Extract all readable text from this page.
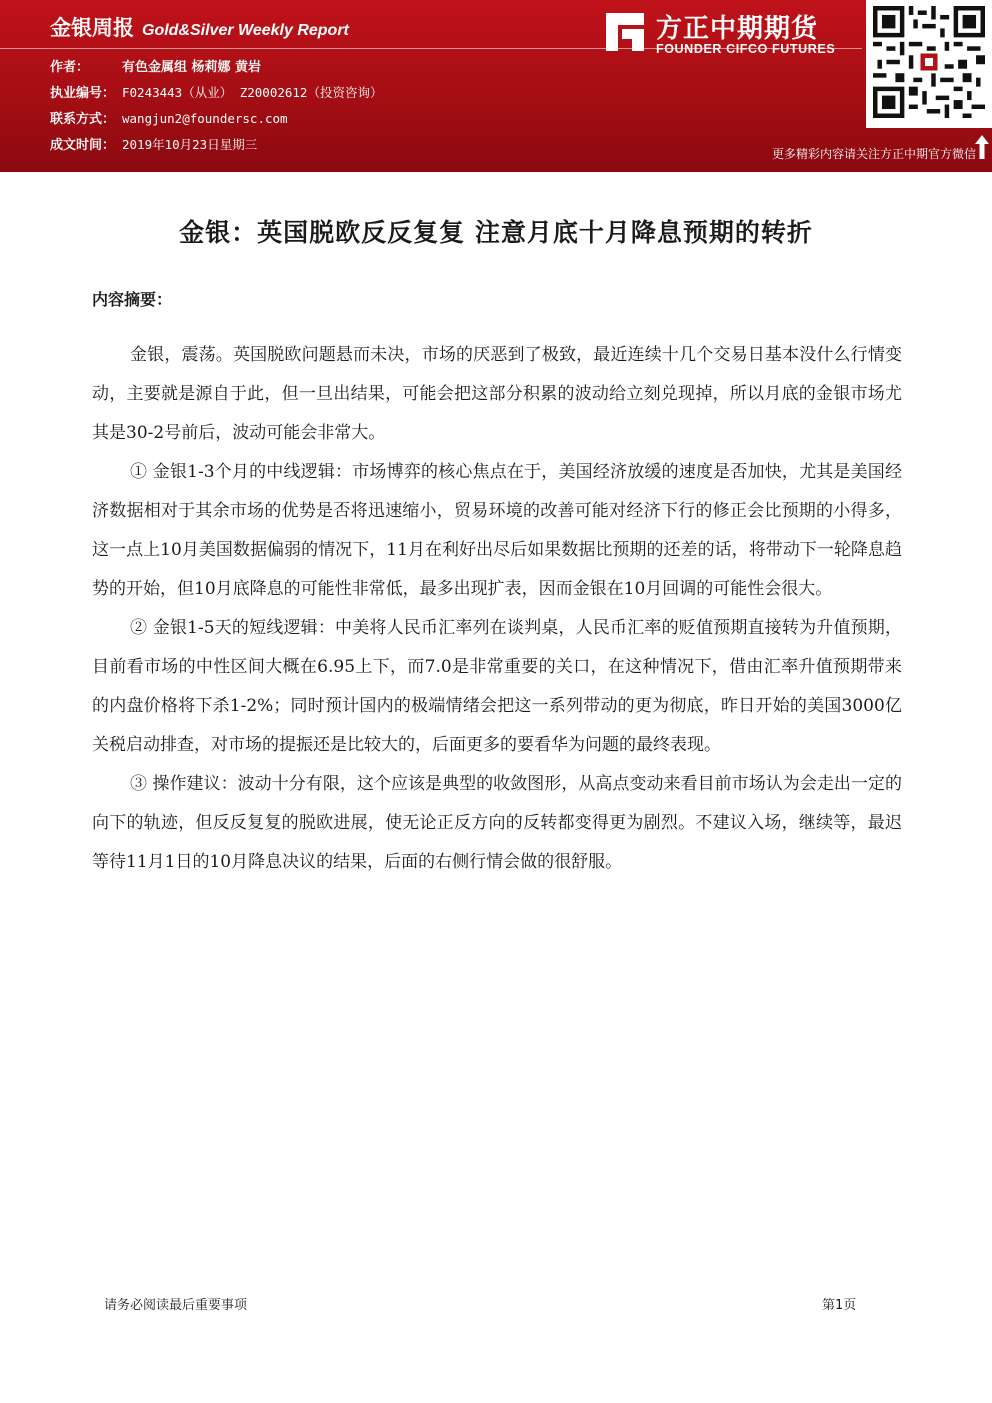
金银周报 Gold&Silver Weekly Report
作者：	有色金属组 杨莉娜 黄岩
执业编号： F0243443（从业） Z20002612（投资咨询）
联系方式： wangjun2@foundersc.com
成文时间： 2019年10月23日星期三
方正中期期货
FOUNDER CIFCO FUTURES
更多精彩内容请关注方正中期官方微信
金银：英国脱欧反反复复 注意月底十月降息预期的转折
内容摘要：

金银，震荡。英国脱欧问题悬而未决，市场的厌恶到了极致，最近连续十几个交易日基本没什么行情变动，主要就是源自于此，但一旦出结果，可能会把这部分积累的波动给立刻兑现掉，所以月底的金银市场尤其是30-2号前后，波动可能会非常大。

① 金银1-3个月的中线逻辑：市场博弈的核心焦点在于，美国经济放缓的速度是否加快，尤其是美国经济数据相对于其余市场的优势是否将迅速缩小，贸易环境的改善可能对经济下行的修正会比预期的小得多，这一点上10月美国数据偏弱的情况下，11月在利好出尽后如果数据比预期的还差的话，将带动下一轮降息趋势的开始，但10月底降息的可能性非常低，最多出现扩表，因而金银在10月回调的可能性会很大。

② 金银1-5天的短线逻辑：中美将人民币汇率列在谈判桌，人民币汇率的贬值预期直接转为升值预期，目前看市场的中性区间大概在6.95上下，而7.0是非常重要的关口，在这种情况下，借由汇率升值预期带来的内盘价格将下杀1-2%；同时预计国内的极端情绪会把这一系列带动的更为彻底，昨日开始的美国3000亿关税启动排查，对市场的提振还是比较大的，后面更多的要看华为问题的最终表现。

③ 操作建议：波动十分有限，这个应该是典型的收敛图形，从高点变动来看目前市场认为会走出一定的向下的轨迹，但反反复复的脱欧进展，使无论正反方向的反转都变得更为剧烈。不建议入场，继续等，最迟等待11月1日的10月降息决议的结果，后面的右侧行情会做的很舒服。

请务必阅读最后重要事项	第1页
